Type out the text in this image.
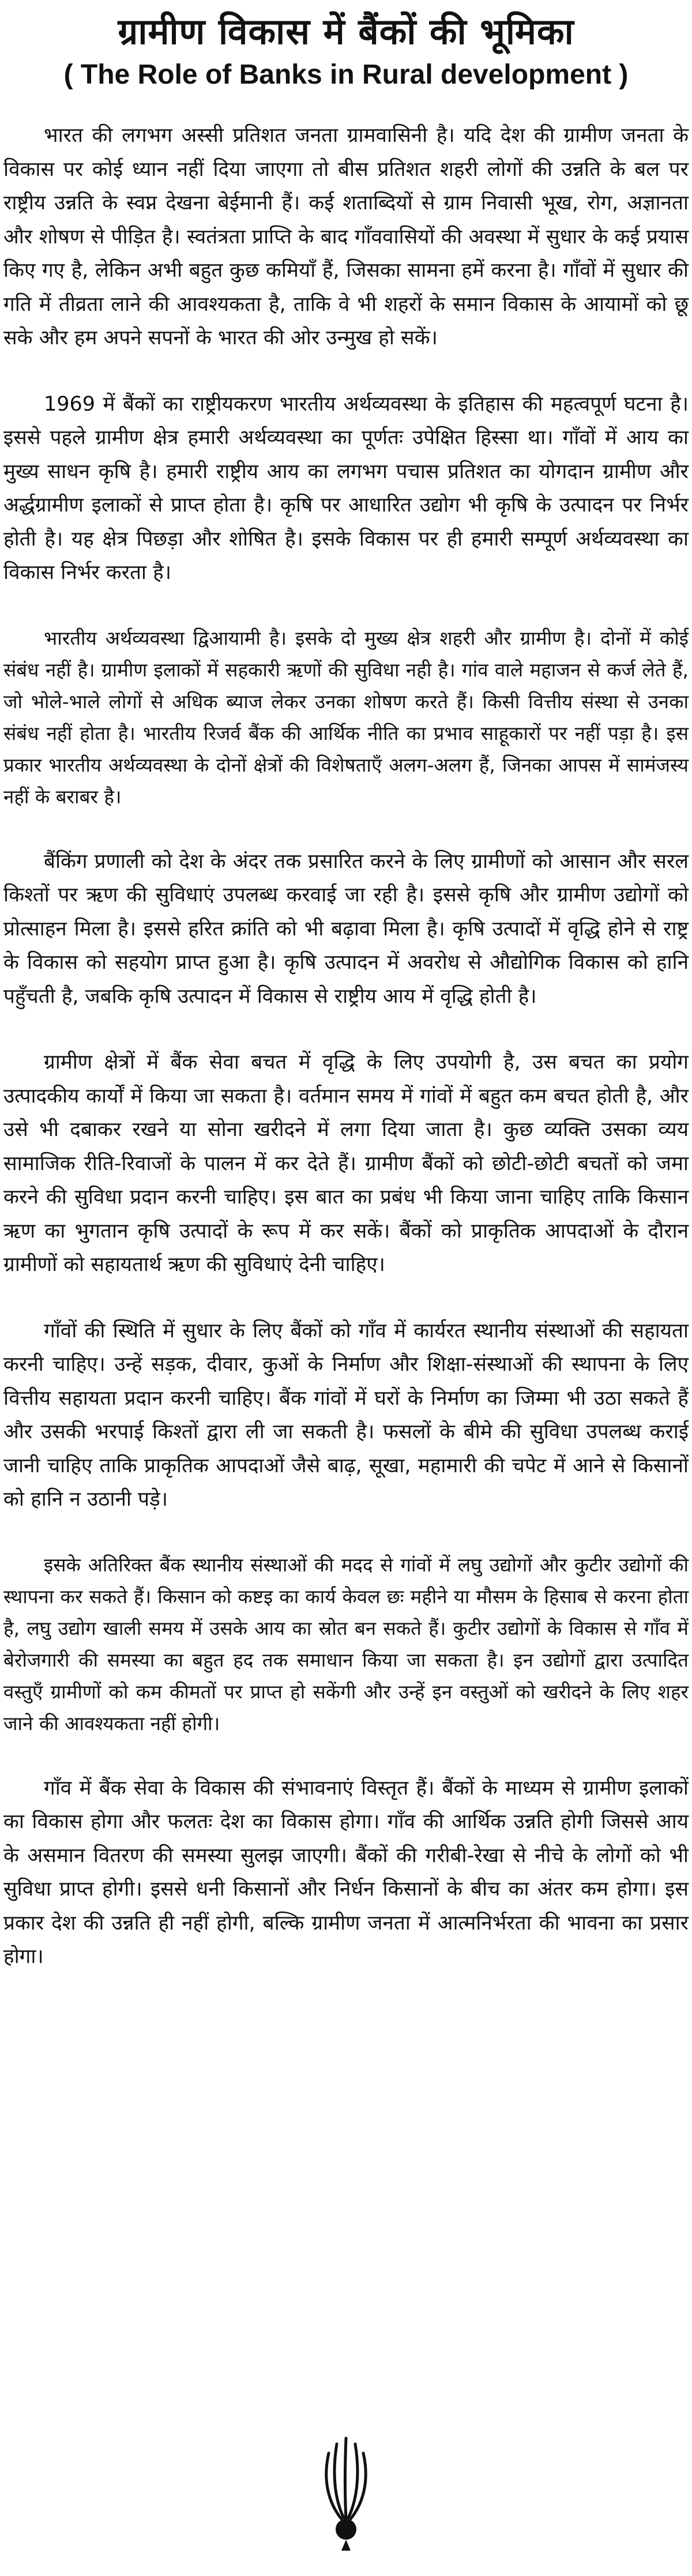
ग्रामीण विकास में बैंकों की भूमिका
( The Role of Banks in Rural development )

भारत की लगभग अस्सी प्रतिशत जनता ग्रामवासिनी है। यदि देश की ग्रामीण जनता के विकास पर कोई ध्यान नहीं दिया जाएगा तो बीस प्रतिशत शहरी लोगों की उन्नति के बल पर राष्ट्रीय उन्नति के स्वप्न देखना बेईमानी हैं। कई शताब्दियों से ग्राम निवासी भूख, रोग, अज्ञानता और शोषण से पीड़ित है। स्वतंत्रता प्राप्ति के बाद गाँववासियों की अवस्था में सुधार के कई प्रयास किए गए है, लेकिन अभी बहुत कुछ कमियाँ हैं, जिसका सामना हमें करना है। गाँवों में सुधार की गति में तीव्रता लाने की आवश्यकता है, ताकि वे भी शहरों के समान विकास के आयामों को छू सके और हम अपने सपनों के भारत की ओर उन्मुख हो सकें।

1969 में बैंकों का राष्ट्रीयकरण भारतीय अर्थव्यवस्था के इतिहास की महत्वपूर्ण घटना है। इससे पहले ग्रामीण क्षेत्र हमारी अर्थव्यवस्था का पूर्णतः उपेक्षित हिस्सा था। गाँवों में आय का मुख्य साधन कृषि है। हमारी राष्ट्रीय आय का लगभग पचास प्रतिशत का योगदान ग्रामीण और अर्द्धग्रामीण इलाकों से प्राप्त होता है। कृषि पर आधारित उद्योग भी कृषि के उत्पादन पर निर्भर होती है। यह क्षेत्र पिछड़ा और शोषित है। इसके विकास पर ही हमारी सम्पूर्ण अर्थव्यवस्था का विकास निर्भर करता है।

भारतीय अर्थव्यवस्था द्विआयामी है। इसके दो मुख्य क्षेत्र शहरी और ग्रामीण है। दोनों में कोई संबंध नहीं है। ग्रामीण इलाकों में सहकारी ऋणों की सुविधा नही है। गांव वाले महाजन से कर्ज लेते हैं, जो भोले-भाले लोगों से अधिक ब्याज लेकर उनका शोषण करते हैं। किसी वित्तीय संस्था से उनका संबंध नहीं होता है। भारतीय रिजर्व बैंक की आर्थिक नीति का प्रभाव साहूकारों पर नहीं पड़ा है। इस प्रकार भारतीय अर्थव्यवस्था के दोनों क्षेत्रों की विशेषताएँ अलग-अलग हैं, जिनका आपस में सामंजस्य नहीं के बराबर है।

बैंकिंग प्रणाली को देश के अंदर तक प्रसारित करने के लिए ग्रामीणों को आसान और सरल किश्तों पर ऋण की सुविधाएं उपलब्ध करवाई जा रही है। इससे कृषि और ग्रामीण उद्योगों को प्रोत्साहन मिला है। इससे हरित क्रांति को भी बढ़ावा मिला है। कृषि उत्पादों में वृद्धि होने से राष्ट्र के विकास को सहयोग प्राप्त हुआ है। कृषि उत्पादन में अवरोध से औद्योगिक विकास को हानि पहुँचती है, जबकि कृषि उत्पादन में विकास से राष्ट्रीय आय में वृद्धि होती है।

ग्रामीण क्षेत्रों में बैंक सेवा बचत में वृद्धि के लिए उपयोगी है, उस बचत का प्रयोग उत्पादकीय कार्यों में किया जा सकता है। वर्तमान समय में गांवों में बहुत कम बचत होती है, और उसे भी दबाकर रखने या सोना खरीदने में लगा दिया जाता है। कुछ व्यक्ति उसका व्यय सामाजिक रीति-रिवाजों के पालन में कर देते हैं। ग्रामीण बैंकों को छोटी-छोटी बचतों को जमा करने की सुविधा प्रदान करनी चाहिए। इस बात का प्रबंध भी किया जाना चाहिए ताकि किसान ऋण का भुगतान कृषि उत्पादों के रूप में कर सकें। बैंकों को प्राकृतिक आपदाओं के दौरान ग्रामीणों को सहायतार्थ ऋण की सुविधाएं देनी चाहिए।

गाँवों की स्थिति में सुधार के लिए बैंकों को गाँव में कार्यरत स्थानीय संस्थाओं की सहायता करनी चाहिए। उन्हें सड़क, दीवार, कुओं के निर्माण और शिक्षा-संस्थाओं की स्थापना के लिए वित्तीय सहायता प्रदान करनी चाहिए। बैंक गांवों में घरों के निर्माण का जिम्मा भी उठा सकते हैं और उसकी भरपाई किश्तों द्वारा ली जा सकती है। फसलों के बीमे की सुविधा उपलब्ध कराई जानी चाहिए ताकि प्राकृतिक आपदाओं जैसे बाढ़, सूखा, महामारी की चपेट में आने से किसानों को हानि न उठानी पड़े।

इसके अतिरिक्त बैंक स्थानीय संस्थाओं की मदद से गांवों में लघु उद्योगों और कुटीर उद्योगों की स्थापना कर सकते हैं। किसान को कष्टइ का कार्य केवल छः महीने या मौसम के हिसाब से करना होता है, लघु उद्योग खाली समय में उसके आय का स्रोत बन सकते हैं। कुटीर उद्योगों के विकास से गाँव में बेरोजगारी की समस्या का बहुत हद तक समाधान किया जा सकता है। इन उद्योगों द्वारा उत्पादित वस्तुएँ ग्रामीणों को कम कीमतों पर प्राप्त हो सकेंगी और उन्हें इन वस्तुओं को खरीदने के लिए शहर जाने की आवश्यकता नहीं होगी।

गाँव में बैंक सेवा के विकास की संभावनाएं विस्तृत हैं। बैंकों के माध्यम से ग्रामीण इलाकों का विकास होगा और फलतः देश का विकास होगा। गाँव की आर्थिक उन्नति होगी जिससे आय के असमान वितरण की समस्या सुलझ जाएगी। बैंकों की गरीबी-रेखा से नीचे के लोगों को भी सुविधा प्राप्त होगी। इससे धनी किसानों और निर्धन किसानों के बीच का अंतर कम होगा। इस प्रकार देश की उन्नति ही नहीं होगी, बल्कि ग्रामीण जनता में आत्मनिर्भरता की भावना का प्रसार होगा।
